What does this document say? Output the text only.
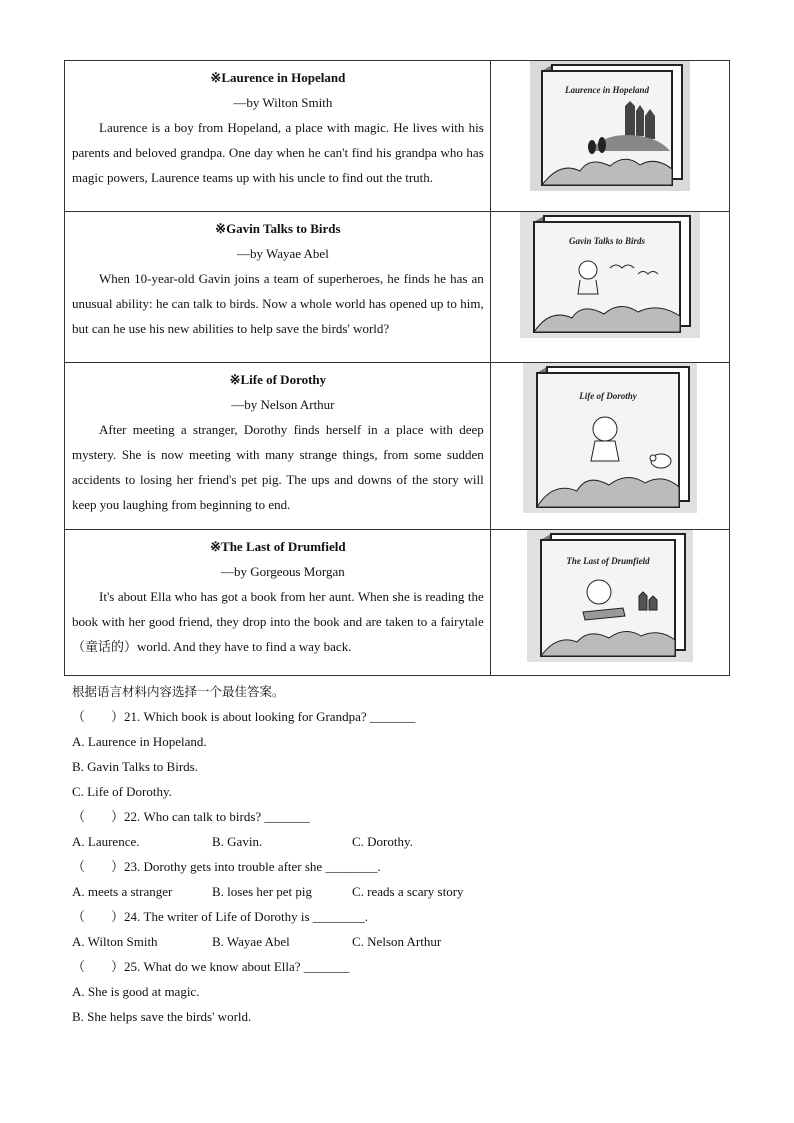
※Laurence in Hopeland
—by Wilton Smith

Laurence is a boy from Hopeland, a place with magic. He lives with his parents and beloved grandpa. One day when he can't find his grandpa who has magic powers, Laurence teams up with his uncle to find out the truth.	Laurence in Hopeland

※Gavin Talks to Birds
—by Wayae Abel

When 10-year-old Gavin joins a team of superheroes, he finds he has an unusual ability: he can talk to birds. Now a whole world has opened up to him, but can he use his new abilities to help save the birds' world?	Gavin Talks to Birds

※Life of Dorothy
—by Nelson Arthur

After meeting a stranger, Dorothy finds herself in a place with deep mystery. She is now meeting with many strange things, from some sudden accidents to losing her friend's pet pig. The ups and downs of the story will keep you laughing from beginning to end.	Life of Dorothy

※The Last of Drumfield
—by Gorgeous Morgan

It's about Ella who has got a book from her aunt. When she is reading the book with her good friend, they drop into the book and are taken to a fairytale（童话的）world. And they have to find a way back.	The Last of Drumfield
根据语言材料内容选择一个最佳答案。
（　　）21. Which book is about looking for Grandpa? _______
A. Laurence in Hopeland.
B. Gavin Talks to Birds.
C. Life of Dorothy.
（　　）22. Who can talk to birds? _______
A. Laurence.	B. Gavin.	C. Dorothy.
（　　）23. Dorothy gets into trouble after she ________.
A. meets a stranger	B. loses her pet pig	C. reads a scary story
（　　）24. The writer of Life of Dorothy is ________.
A. Wilton Smith	B. Wayae Abel	C. Nelson Arthur
（　　）25. What do we know about Ella? _______
A. She is good at magic.
B. She helps save the birds' world.
